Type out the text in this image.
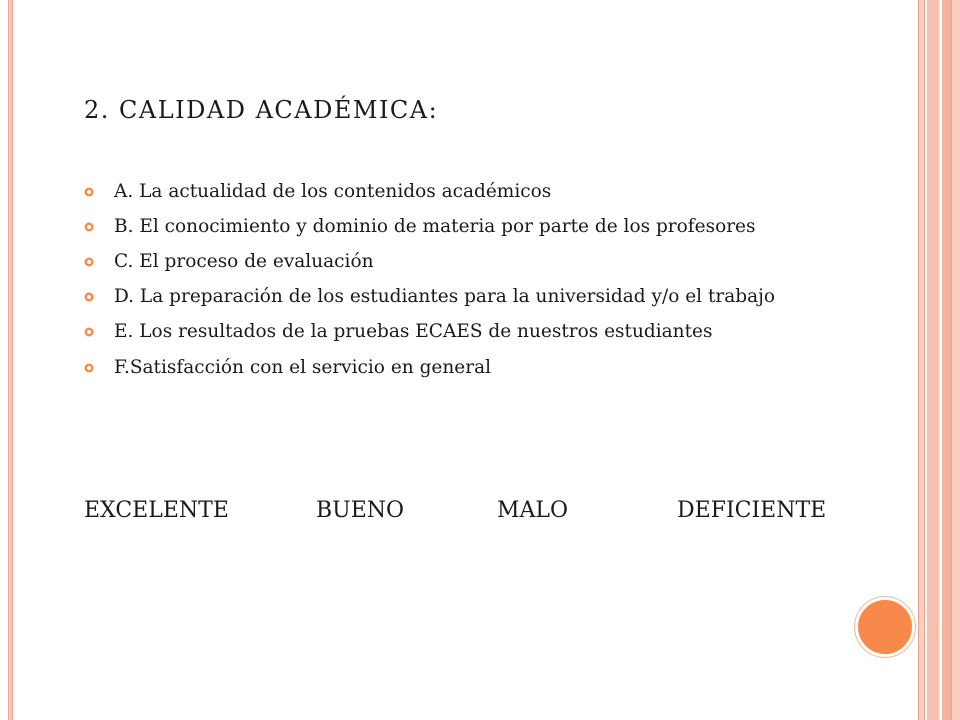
2. CALIDAD ACADÉMICA:
A. La actualidad de los contenidos académicos
B. El conocimiento y dominio de materia por parte de los profesores
C. El proceso de evaluación
D. La preparación de los estudiantes para la universidad y/o el trabajo
E. Los resultados de la pruebas ECAES de nuestros estudiantes
F.Satisfacción con el servicio en general
EXCELENTE	BUENO	MALO	DEFICIENTE
